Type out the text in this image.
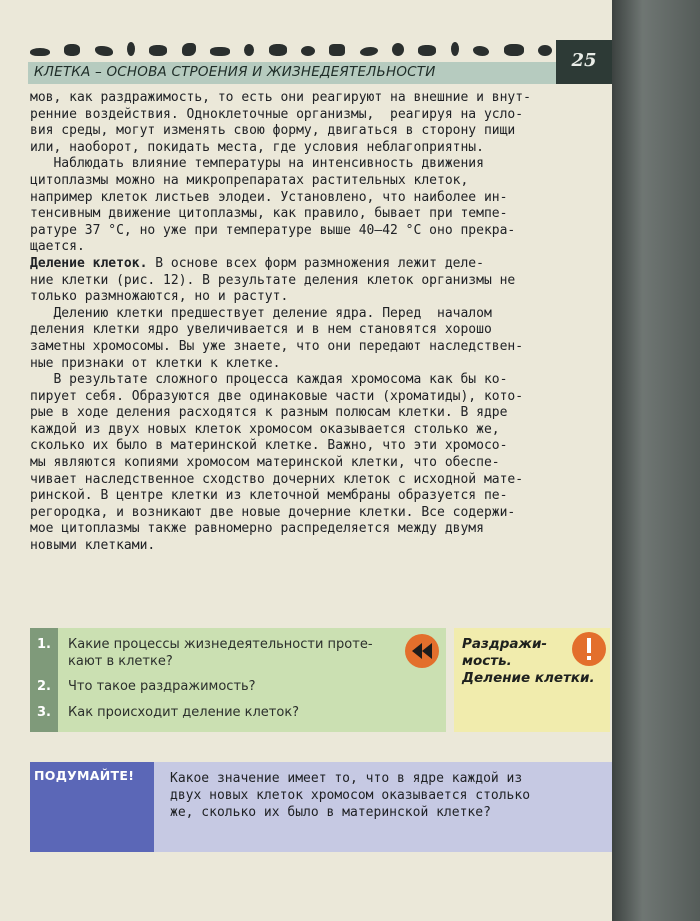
КЛЕТКА – ОСНОВА СТРОЕНИЯ И ЖИЗНЕДЕЯТЕЛЬНОСТИ
25
мов, как раздражимость, то есть они реагируют на внешние и внут-
ренние воздействия. Одноклеточные организмы,  реагируя на усло-
вия среды, могут изменять свою форму, двигаться в сторону пищи
или, наоборот, покидать места, где условия неблагоприятны.
Наблюдать влияние температуры на интенсивность движения
цитоплазмы можно на микропрепаратах растительных клеток,
например клеток листьев элодеи. Установлено, что наиболее ин-
тенсивным движение цитоплазмы, как правило, бывает при темпе-
ратуре 37 °С, но уже при температуре выше 40—42 °С оно прекра-
щается.
Деление клеток. В основе всех форм размножения лежит деле-
ние клетки (рис. 12). В результате деления клеток организмы не
только размножаются, но и растут.
Делению клетки предшествует деление ядра. Перед  началом
деления клетки ядро увеличивается и в нем становятся хорошо
заметны хромосомы. Вы уже знаете, что они передают наследствен-
ные признаки от клетки к клетке.
В результате сложного процесса каждая хромосома как бы ко-
пирует себя. Образуются две одинаковые части (хроматиды), кото-
рые в ходе деления расходятся к разным полюсам клетки. В ядре
каждой из двух новых клеток хромосом оказывается столько же,
сколько их было в материнской клетке. Важно, что эти хромосо-
мы являются копиями хромосом материнской клетки, что обеспе-
чивает наследственное сходство дочерних клеток с исходной матe-
ринской. В центре клетки из клеточной мембраны образуется пе-
регородка, и возникают две новые дочерние клетки. Все содержи-
мое цитоплазмы также равномерно распределяется между двумя
новыми клетками.
1.	Какие процессы жизнедеятельности проте-
кают в клетке?
2.	Что такое раздражимость?
3.	Как происходит деление клеток?
Раздражи-
мость.
Деление клетки.
ПОДУМАЙТЕ!	Какое значение имеет то, что в ядре каждой из
двух новых клеток хромосом оказывается столько
же, сколько их было в материнской клетке?
